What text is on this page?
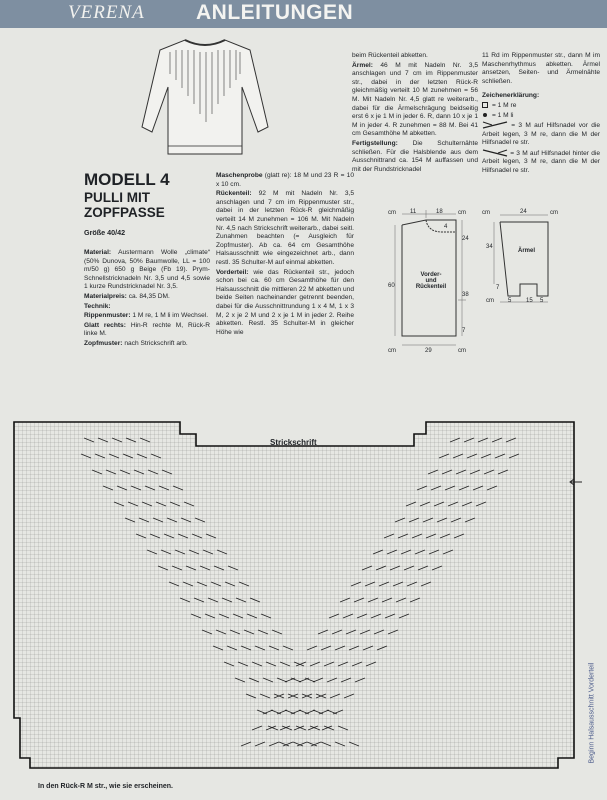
VERENA ANLEITUNGEN
MODELL 4
PULLI MIT
ZOPFPASSE
Größe 40/42

Material: Austermann Wolle „climate“ (50% Dunova, 50% Baumwolle, LL = 100 m/50 g) 650 g Beige (Fb 19). Prym-Schnellstricknadeln Nr. 3,5 und 4,5 sowie 1 kurze Rundstricknadel Nr. 3,5.

Materialpreis: ca. 84,35 DM.

Technik:

Rippenmuster: 1 M re, 1 M li im Wechsel.

Glatt rechts: Hin-R rechte M, Rück-R linke M.

Zopfmuster: nach Strickschrift arb.

Maschenprobe (glatt re): 18 M und 23 R = 10 x 10 cm.

Rückenteil: 92 M mit Nadeln Nr. 3,5 anschlagen und 7 cm im Rippenmuster str., dabei in der letzten Rück-R gleichmäßig verteilt 14 M zunehmen = 106 M. Mit Nadeln Nr. 4,5 nach Strickschrift weiterarb., dabei seitl. Zunahmen beachten (= Ausgleich für Zopfmuster). Ab ca. 64 cm Gesamthöhe Halsausschnitt wie eingezeichnet arb., dann restl. 35 Schulter-M auf einmal abketten.

Vorderteil: wie das Rückenteil str., jedoch schon bei ca. 60 cm Gesamthöhe für den Halsausschnitt die mittleren 22 M abketten und beide Seiten nacheinander getrennt beenden, dabei für die Ausschnittrundung 1 x 4 M, 1 x 3 M, 2 x je 2 M und 2 x je 1 M in jeder 2. Reihe abketten. Restl. 35 Schulter-M in gleicher Höhe wie

beim Rückenteil abketten.

Ärmel: 46 M mit Nadeln Nr. 3,5 anschlagen und 7 cm im Rippenmuster str., dabei in der letzten Rück-R gleichmäßig verteilt 10 M zunehmen = 56 M. Mit Nadeln Nr. 4,5 glatt re weiterarb., dabei für die Ärmelschrägung beidseitig erst 6 x je 1 M in jeder 6. R, dann 10 x je 1 M in jeder 4. R zunehmen = 88 M. Bei 41 cm Gesamthöhe M abketten.

Fertigstellung: Die Schulternähte schließen. Für die Halsblende aus dem Ausschnittrand ca. 154 M auffassen und mit der Rundstricknadel

11 Rd im Rippenmuster str., dann M im Maschenrhythmus abketten. Ärmel ansetzen, Seiten- und Ärmelnähte schließen.

Zeichenerklärung:

= 1 M re

= 1 M li

= 3 M auf Hilfsnadel vor die Arbeit legen, 3 M re, dann die M der Hilfsnadel re str.

= 3 M auf Hilfsnadel hinter die Arbeit legen, 3 M re, dann die M der Hilfsnadel re str.

cm 11	18	cm
24
60
38
7
4
cm	29	cm
Vorder-
und
Rückenteil
cm	24	cm
34
7
cm 5 15 5
Ärmel
Strickschrift
Beginn Halsausschnitt Vorderteil
In den Rück-R M str., wie sie erscheinen.
